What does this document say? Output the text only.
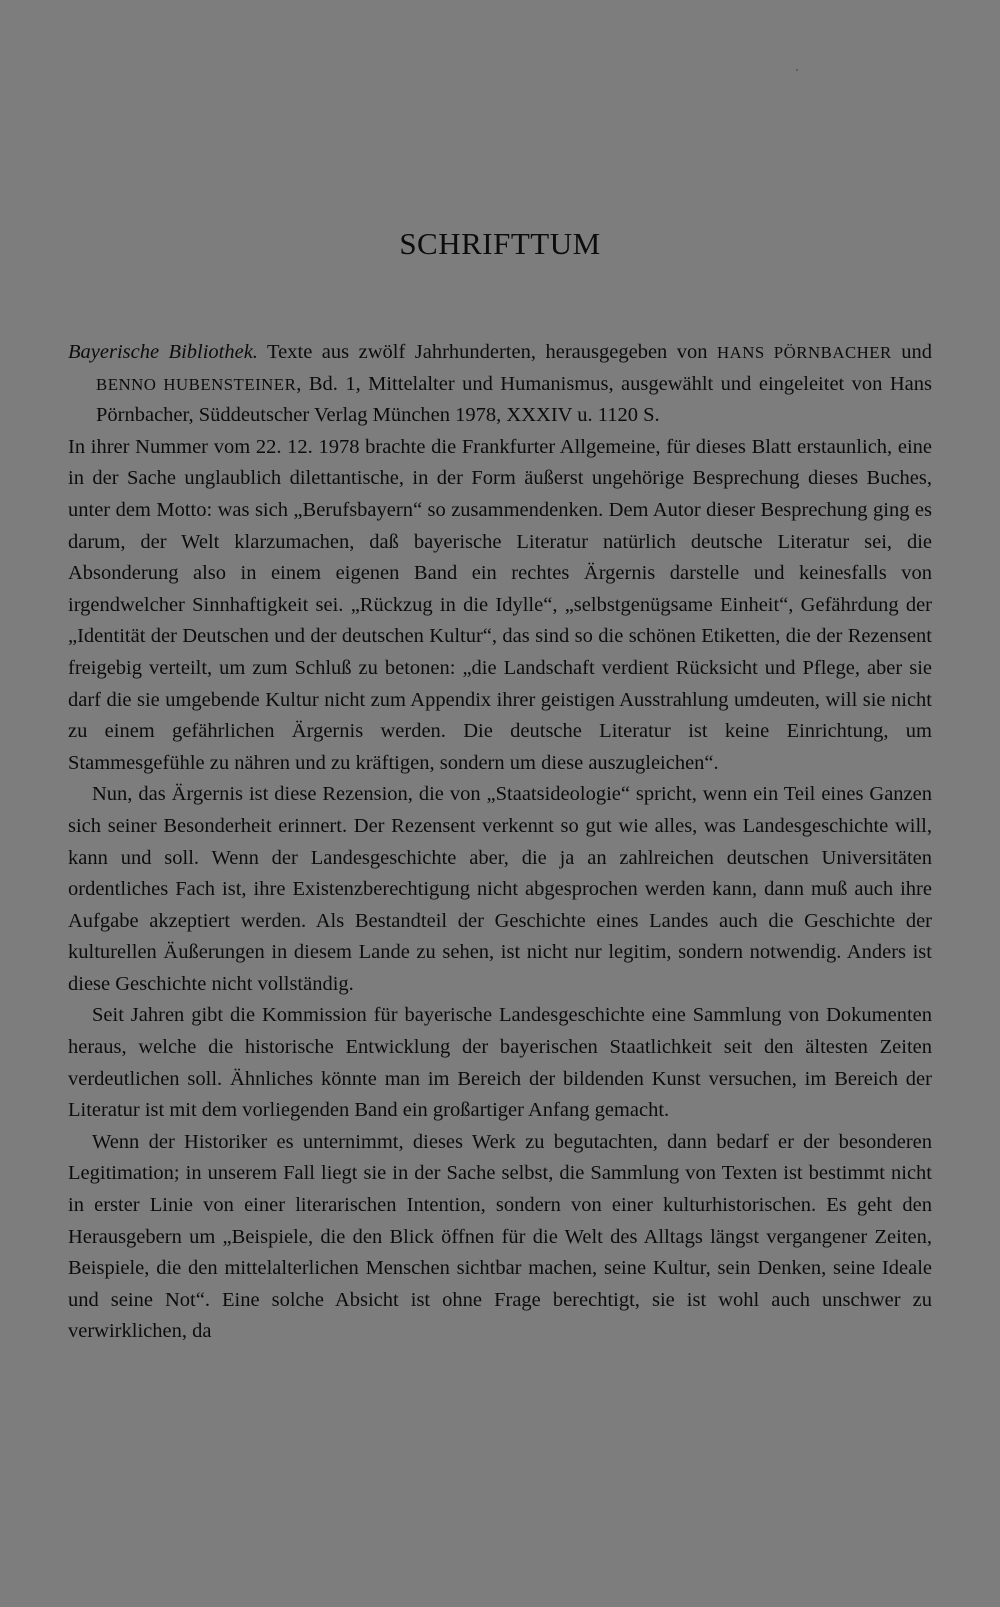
SCHRIFTTUM

Bayerische Bibliothek. Texte aus zwölf Jahrhunderten, herausgegeben von HANS PÖRNBACHER und BENNO HUBENSTEINER, Bd. 1, Mittelalter und Humanismus, ausgewählt und eingeleitet von Hans Pörnbacher, Süddeutscher Verlag München 1978, XXXIV u. 1120 S.

In ihrer Nummer vom 22. 12. 1978 brachte die Frankfurter Allgemeine, für dieses Blatt erstaunlich, eine in der Sache unglaublich dilettantische, in der Form äußerst ungehörige Besprechung dieses Buches, unter dem Motto: was sich „Berufsbayern“ so zusammendenken. Dem Autor dieser Besprechung ging es darum, der Welt klarzumachen, daß bayerische Literatur natürlich deutsche Literatur sei, die Absonderung also in einem eigenen Band ein rechtes Ärgernis darstelle und keinesfalls von irgendwelcher Sinnhaftigkeit sei. „Rückzug in die Idylle“, „selbstgenügsame Einheit“, Gefährdung der „Identität der Deutschen und der deutschen Kultur“, das sind so die schönen Etiketten, die der Rezensent freigebig verteilt, um zum Schluß zu betonen: „die Landschaft verdient Rücksicht und Pflege, aber sie darf die sie umgebende Kultur nicht zum Appendix ihrer geistigen Ausstrahlung umdeuten, will sie nicht zu einem gefährlichen Ärgernis werden. Die deutsche Literatur ist keine Einrichtung, um Stammesgefühle zu nähren und zu kräftigen, sondern um diese auszugleichen“.

Nun, das Ärgernis ist diese Rezension, die von „Staatsideologie“ spricht, wenn ein Teil eines Ganzen sich seiner Besonderheit erinnert. Der Rezensent verkennt so gut wie alles, was Landesgeschichte will, kann und soll. Wenn der Landesgeschichte aber, die ja an zahlreichen deutschen Universitäten ordentliches Fach ist, ihre Existenzberechtigung nicht abgesprochen werden kann, dann muß auch ihre Aufgabe akzeptiert werden. Als Bestandteil der Geschichte eines Landes auch die Geschichte der kulturellen Äußerungen in diesem Lande zu sehen, ist nicht nur legitim, sondern notwendig. Anders ist diese Geschichte nicht vollständig.

Seit Jahren gibt die Kommission für bayerische Landesgeschichte eine Sammlung von Dokumenten heraus, welche die historische Entwicklung der bayerischen Staatlichkeit seit den ältesten Zeiten verdeutlichen soll. Ähnliches könnte man im Bereich der bildenden Kunst versuchen, im Bereich der Literatur ist mit dem vorliegenden Band ein großartiger Anfang gemacht.

Wenn der Historiker es unternimmt, dieses Werk zu begutachten, dann bedarf er der besonderen Legitimation; in unserem Fall liegt sie in der Sache selbst, die Sammlung von Texten ist bestimmt nicht in erster Linie von einer literarischen Intention, sondern von einer kulturhistorischen. Es geht den Herausgebern um „Beispiele, die den Blick öffnen für die Welt des Alltags längst vergangener Zeiten, Beispiele, die den mittelalterlichen Menschen sichtbar machen, seine Kultur, sein Denken, seine Ideale und seine Not“. Eine solche Absicht ist ohne Frage berechtigt, sie ist wohl auch unschwer zu verwirklichen, da
